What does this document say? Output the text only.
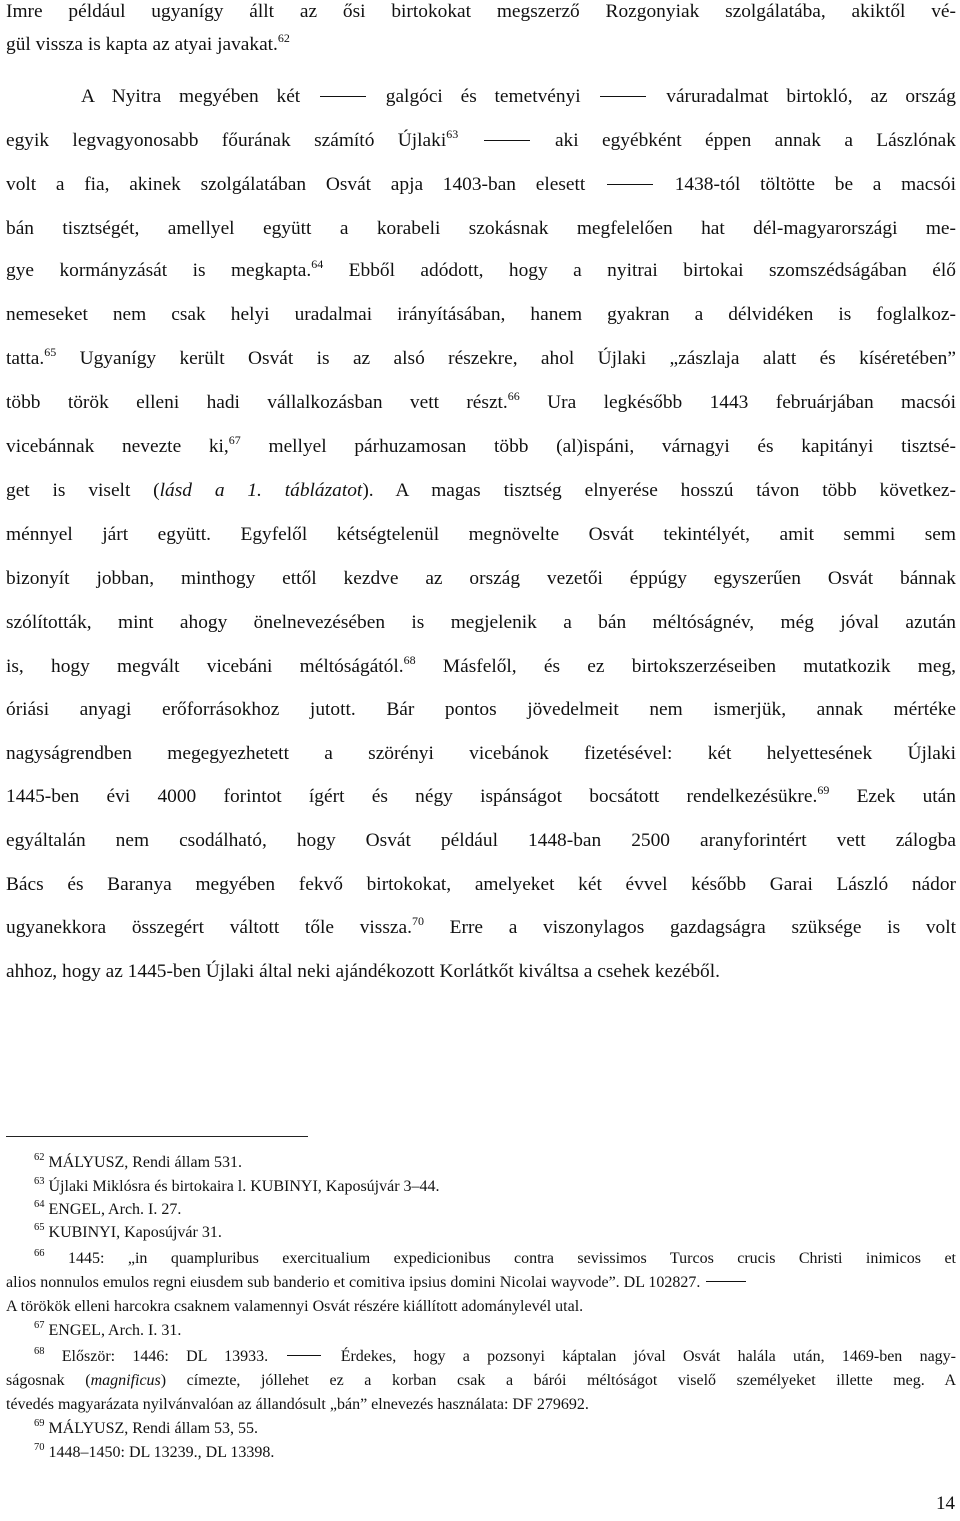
Imre például ugyanígy állt az ősi birtokokat megszerző Rozgonyiak szolgálatába, akiktől vé-
gül vissza is kapta az atyai javakat.$^{62}$
A Nyitra megyében két	galgóci és temetvényi	váruradalmat birtokló, az ország
egyik legvagyonosabb főurának számító Újlaki$^{63}$	aki egyébként éppen annak a Lászlónak
volt a fia, akinek szolgálatában Osvát apja 1403-ban elesett	1438-tól töltötte be a macsói
bán tisztségét, amellyel együtt a korabeli szokásnak megfelelően hat dél-magyarországi me-
gye kormányzását is megkapta.$^{64}$ Ebből adódott, hogy a nyitrai birtokai szomszédságában élő
nemeseket nem csak helyi uradalmai irányításában, hanem gyakran a délvidéken is foglalkoz-
tatta.$^{65}$ Ugyanígy került Osvát is az alsó részekre, ahol Újlaki „zászlaja alatt és kíséretében”
több török elleni hadi vállalkozásban vett részt.$^{66}$ Ura legkésőbb 1443 februárjában macsói
vicebánnak nevezte ki,$^{67}$ mellyel párhuzamosan több (al)ispáni, várnagyi és kapitányi tisztsé-
get is viselt (lásd a 1. táblázatot). A magas tisztség elnyerése hosszú távon több következ-
ménnyel járt együtt. Egyfelől kétségtelenül megnövelte Osvát tekintélyét, amit semmi sem
bizonyít jobban, minthogy ettől kezdve az ország vezetői éppúgy egyszerűen Osvát bánnak
szólították, mint ahogy önelnevezésében is megjelenik a bán méltóságnév, még jóval azután
is, hogy megvált vicebáni méltóságától.$^{68}$ Másfelől, és ez birtokszerzéseiben mutatkozik meg,
óriási anyagi erőforrásokhoz jutott. Bár pontos jövedelmeit nem ismerjük, annak mértéke
nagyságrendben megegyezhetett a szörényi vicebánok fizetésével: két helyettesének Újlaki
1445-ben évi 4000 forintot ígért és négy ispánságot bocsátott rendelkezésükre.$^{69}$ Ezek után
egyáltalán nem csodálható, hogy Osvát például 1448-ban 2500 aranyforintért vett zálogba
Bács és Baranya megyében fekvő birtokokat, amelyeket két évvel később Garai László nádor
ugyanekkora összegért váltott tőle vissza.$^{70}$ Erre a viszonylagos gazdagságra szüksége is volt
ahhoz, hogy az 1445-ben Újlaki által neki ajándékozott Korlátkőt kiváltsa a csehek kezéből.
$^{62}$ MÁLYUSZ, Rendi állam 531.
$^{63}$ Újlaki Miklósra és birtokaira l. KUBINYI, Kaposújvár 3–44.
$^{64}$ ENGEL, Arch. I. 27.
$^{65}$ KUBINYI, Kaposújvár 31.
$^{66}$ 1445: „in quampluribus exercitualium expedicionibus contra sevissimos Turcos crucis Christi inimicos et
alios nonnulos emulos regni eiusdem sub banderio et comitiva ipsius domini Nicolai wayvode”. DL 102827.
A törökök elleni harcokra csaknem valamennyi Osvát részére kiállított adománylevél utal.
$^{67}$ ENGEL, Arch. I. 31.
$^{68}$ Először: 1446: DL 13933.	Érdekes, hogy a pozsonyi káptalan jóval Osvát halála után, 1469-ben nagy-
ságosnak (magnificus) címezte, jóllehet ez a korban csak a bárói méltóságot viselő személyeket illette meg. A
tévedés magyarázata nyilvánvalóan az állandósult „bán” elnevezés használata: DF 279692.
$^{69}$ MÁLYUSZ, Rendi állam 53, 55.
$^{70}$ 1448–1450: DL 13239., DL 13398.
14
